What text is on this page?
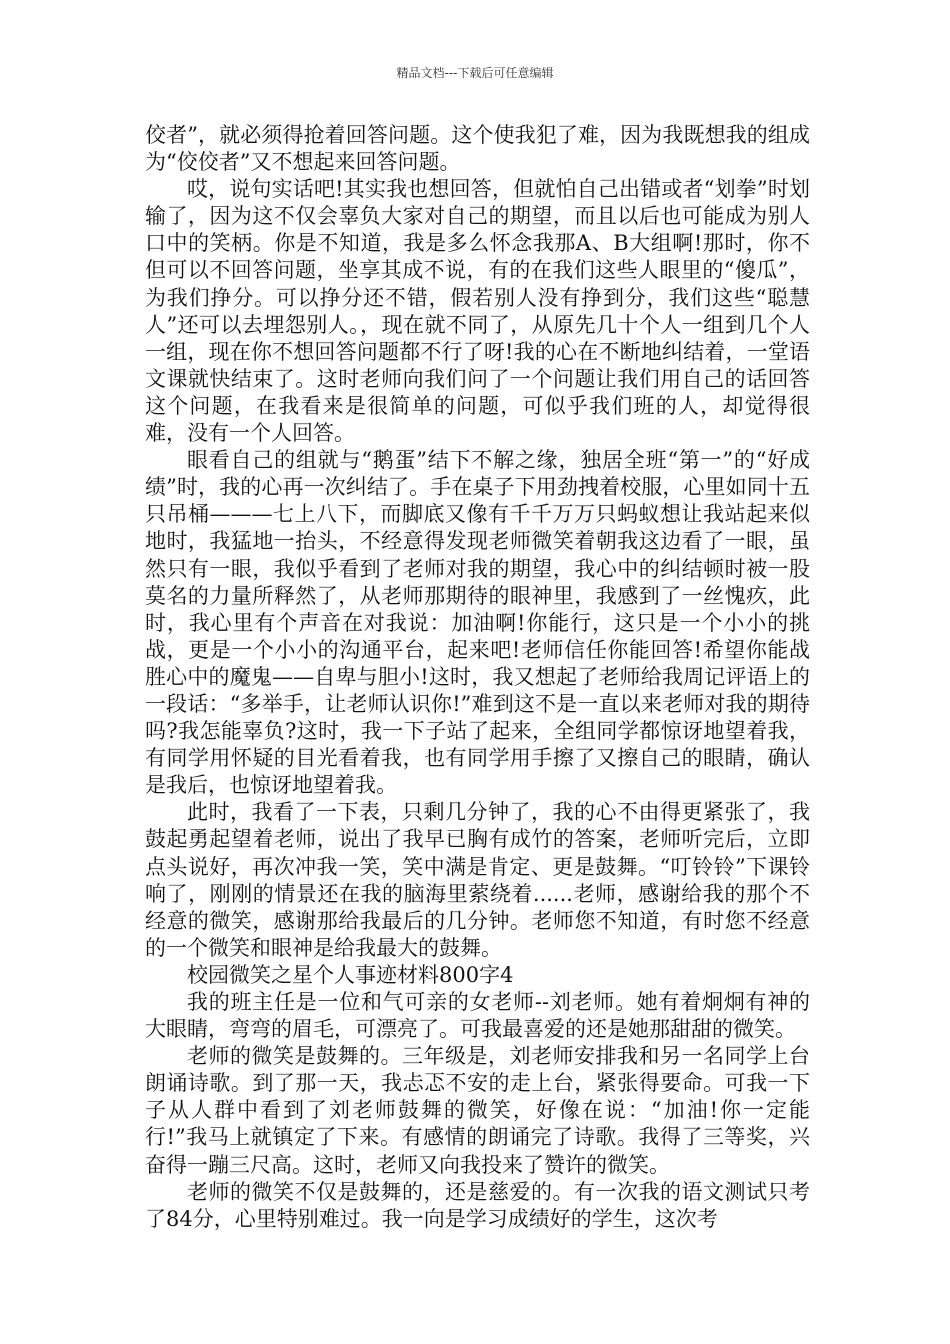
精品文档---下载后可任意编辑

佼者”，就必须得抢着回答问题。这个使我犯了难，因为我既想我的组成为“佼佼者”又不想起来回答问题。

哎，说句实话吧!其实我也想回答，但就怕自己出错或者“划拳”时划输了，因为这不仅会辜负大家对自己的期望，而且以后也可能成为别人口中的笑柄。你是不知道，我是多么怀念我那A、B大组啊!那时，你不但可以不回答问题，坐享其成不说，有的在我们这些人眼里的“傻瓜”，为我们挣分。可以挣分还不错，假若别人没有挣到分，我们这些“聪慧人”还可以去埋怨别人。，现在就不同了，从原先几十个人一组到几个人一组，现在你不想回答问题都不行了呀!我的心在不断地纠结着，一堂语文课就快结束了。这时老师向我们问了一个问题让我们用自己的话回答这个问题，在我看来是很简单的问题，可似乎我们班的人，却觉得很难，没有一个人回答。

眼看自己的组就与“鹅蛋”结下不解之缘，独居全班“第一”的“好成绩”时，我的心再一次纠结了。手在桌子下用劲拽着校服，心里如同十五只吊桶———七上八下，而脚底又像有千千万万只蚂蚁想让我站起来似地时，我猛地一抬头，不经意得发现老师微笑着朝我这边看了一眼，虽然只有一眼，我似乎看到了老师对我的期望，我心中的纠结顿时被一股莫名的力量所释然了，从老师那期待的眼神里，我感到了一丝愧疚，此时，我心里有个声音在对我说：加油啊!你能行，这只是一个小小的挑战，更是一个小小的沟通平台，起来吧!老师信任你能回答!希望你能战胜心中的魔鬼——自卑与胆小!这时，我又想起了老师给我周记评语上的一段话：“多举手，让老师认识你!”难到这不是一直以来老师对我的期待吗?我怎能辜负?这时，我一下子站了起来，全组同学都惊讶地望着我，有同学用怀疑的目光看着我，也有同学用手擦了又擦自己的眼睛，确认是我后，也惊讶地望着我。

此时，我看了一下表，只剩几分钟了，我的心不由得更紧张了，我鼓起勇起望着老师，说出了我早已胸有成竹的答案，老师听完后，立即点头说好，再次冲我一笑，笑中满是肯定、更是鼓舞。“叮铃铃”下课铃响了，刚刚的情景还在我的脑海里萦绕着......老师，感谢给我的那个不经意的微笑，感谢那给我最后的几分钟。老师您不知道，有时您不经意的一个微笑和眼神是给我最大的鼓舞。

校园微笑之星个人事迹材料800字4

我的班主任是一位和气可亲的女老师--刘老师。她有着炯炯有神的大眼睛，弯弯的眉毛，可漂亮了。可我最喜爱的还是她那甜甜的微笑。

老师的微笑是鼓舞的。三年级是，刘老师安排我和另一名同学上台朗诵诗歌。到了那一天，我忐忑不安的走上台，紧张得要命。可我一下子从人群中看到了刘老师鼓舞的微笑，好像在说：“加油!你一定能行!”我马上就镇定了下来。有感情的朗诵完了诗歌。我得了三等奖，兴奋得一蹦三尺高。这时，老师又向我投来了赞许的微笑。

老师的微笑不仅是鼓舞的，还是慈爱的。有一次我的语文测试只考了84分，心里特别难过。我一向是学习成绩好的学生，这次考
